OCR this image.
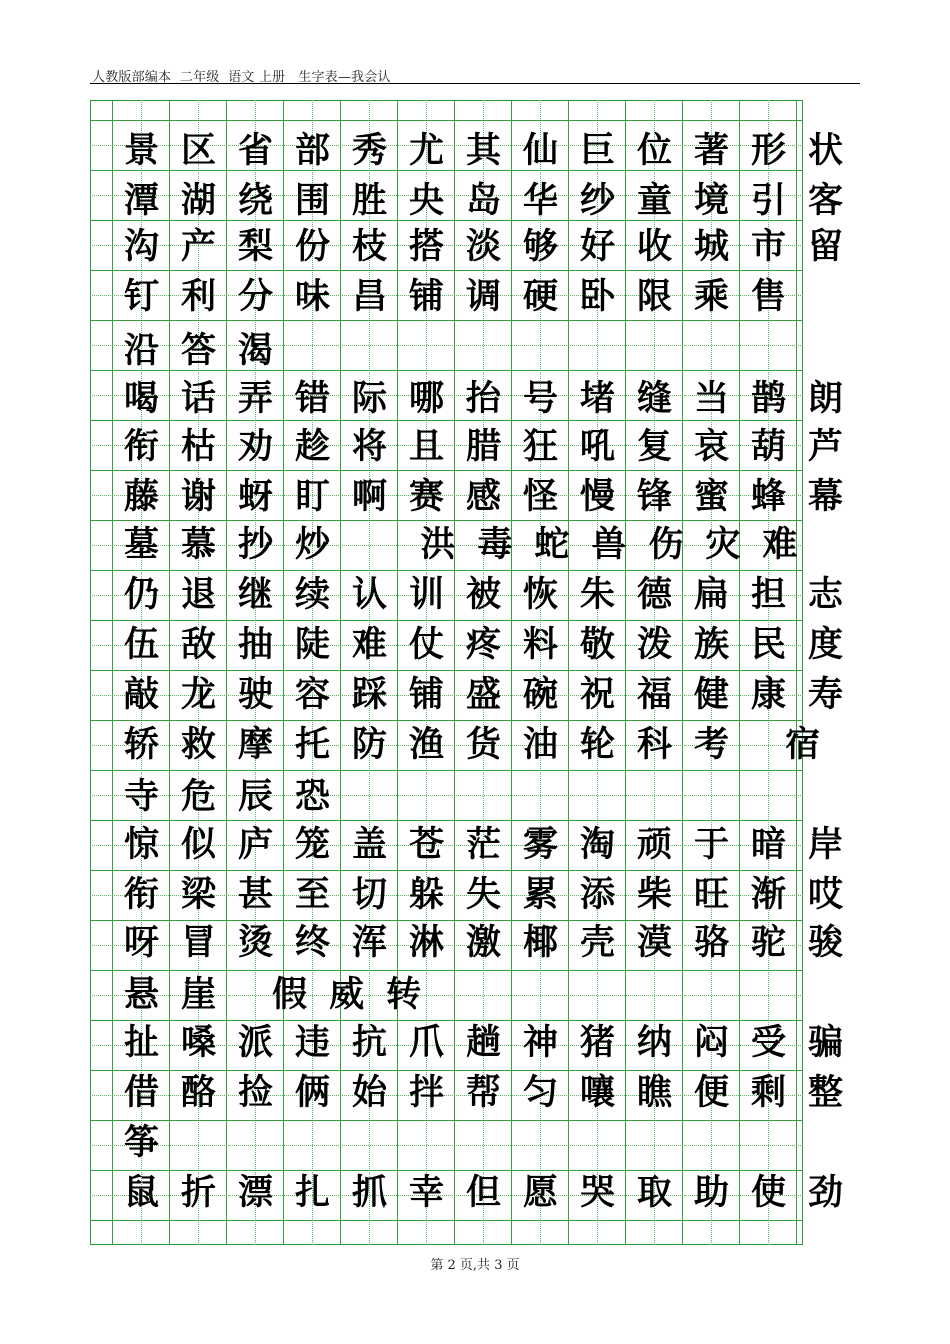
人教版部编本  二年级  语文 上册   生字表—我会认
景区省部秀尤其仙巨位著形状
潭湖绕围胜央岛华纱童境引客
沟产梨份枝搭淡够好收城市留
钉利分味昌铺调硬卧限乘售
沿答渴
喝话弄错际哪抬号堵缝当鹊朗
衔枯劝趁将且腊狂吼复哀葫芦
藤谢蚜盯啊赛感怪慢锋蜜蜂幕
墓慕抄炒  洪毒蛇兽伤灾难
仍退继续认训被恢朱德扁担志
伍敌抽陡难仗疼料敬泼族民度
敲龙驶容踩铺盛碗祝福健康寿
轿救摩托防渔货油轮科考 宿
寺危辰恐
惊似庐笼盖苍茫雾淘顽于暗岸
衔梁甚至切躲失累添柴旺渐哎
呀冒烫终浑淋激椰壳漠骆驼骏
悬崖 假威转
扯嗓派违抗爪趟神猪纳闷受骗
借酪捡俩始拌帮匀嚷瞧便剩整
筝
鼠折漂扎抓幸但愿哭取助使劲
第 2 页,共 3 页
